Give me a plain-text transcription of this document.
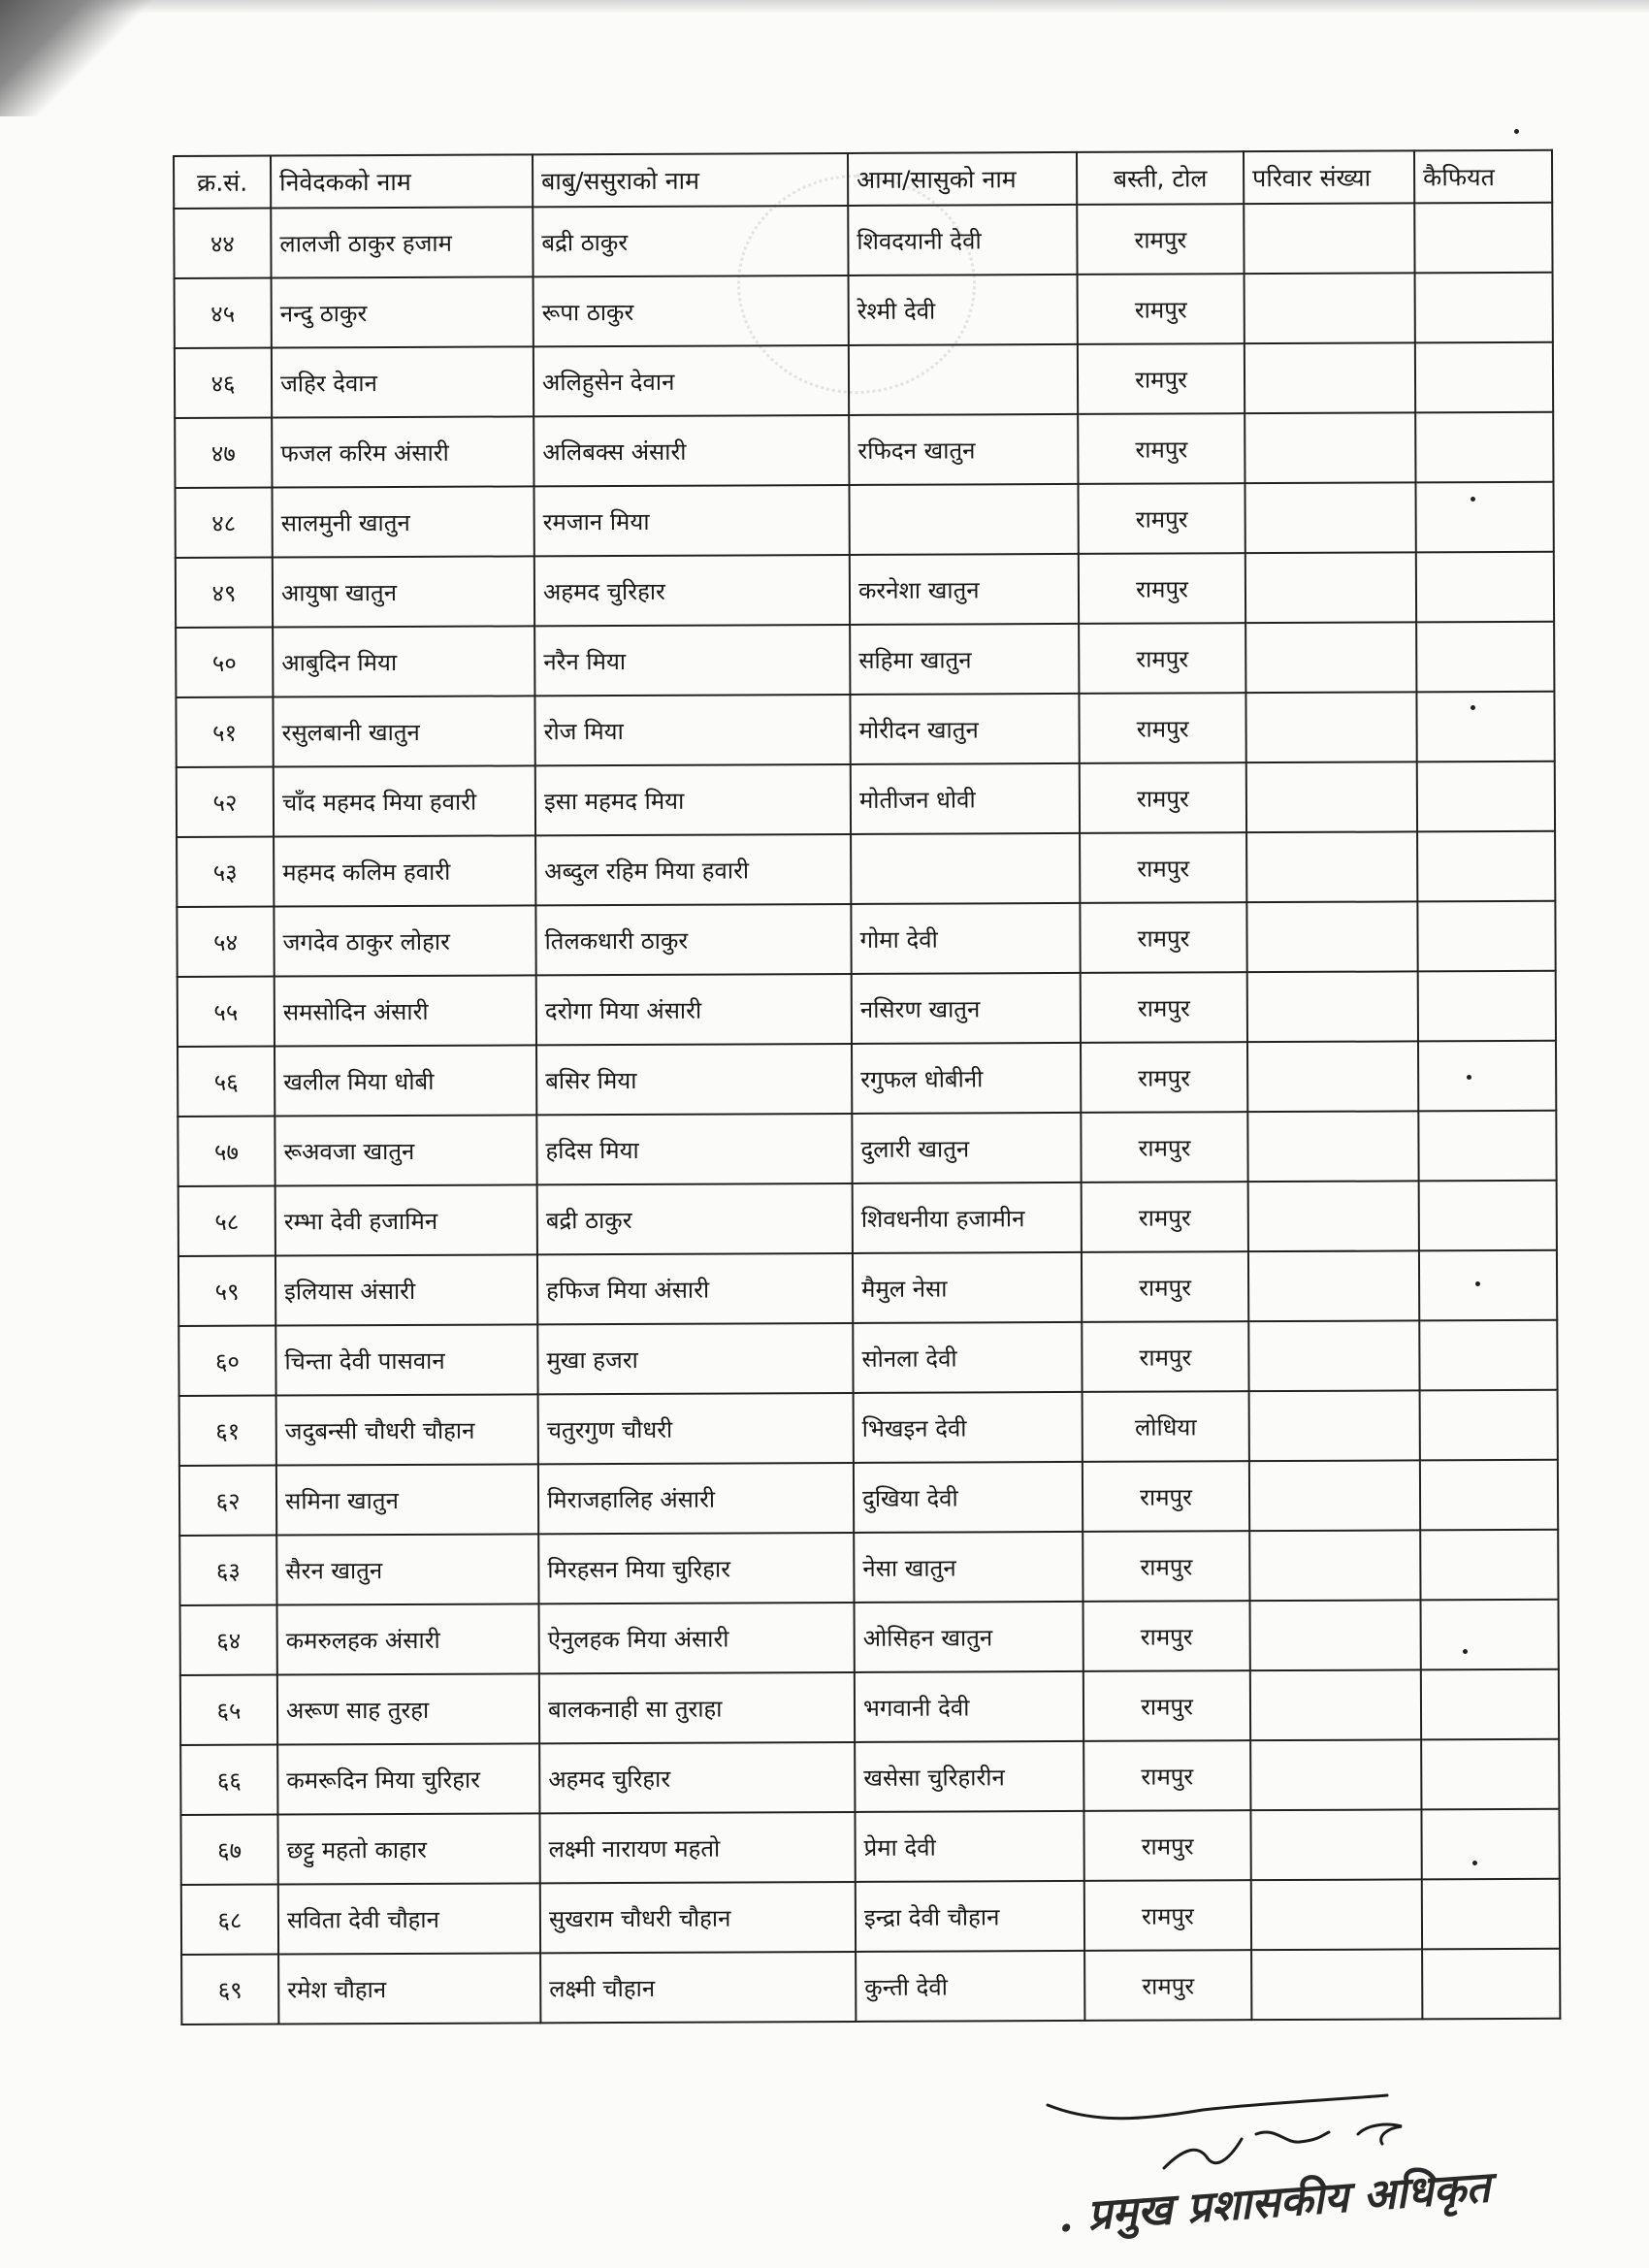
क्र.सं.	निवेदकको नाम	बाबु/ससुराको नाम	आमा/सासुको नाम	बस्ती, टोल	परिवार संख्या	कैफियत
४४	लालजी ठाकुर हजाम	बद्री ठाकुर	शिवदयानी देवी	रामपुर		
४५	नन्दु ठाकुर	रूपा ठाकुर	रेश्मी देवी	रामपुर		
४६	जहिर देवान	अलिहुसेन देवान		रामपुर		
४७	फजल करिम अंसारी	अलिबक्स अंसारी	रफिदन खातुन	रामपुर		
४८	सालमुनी खातुन	रमजान मिया		रामपुर		
४९	आयुषा खातुन	अहमद चुरिहार	करनेशा खातुन	रामपुर		
५०	आबुदिन मिया	नरैन मिया	सहिमा खातुन	रामपुर		
५१	रसुलबानी खातुन	रोज मिया	मोरीदन खातुन	रामपुर		
५२	चाँद महमद मिया हवारी	इसा महमद मिया	मोतीजन धोवी	रामपुर		
५३	महमद कलिम हवारी	अब्दुल रहिम मिया हवारी		रामपुर		
५४	जगदेव ठाकुर लोहार	तिलकधारी ठाकुर	गोमा देवी	रामपुर		
५५	समसोदिन अंसारी	दरोगा मिया अंसारी	नसिरण खातुन	रामपुर		
५६	खलील मिया धोबी	बसिर मिया	रगुफल धोबीनी	रामपुर		
५७	रूअवजा खातुन	हदिस मिया	दुलारी खातुन	रामपुर		
५८	रम्भा देवी हजामिन	बद्री ठाकुर	शिवधनीया हजामीन	रामपुर		
५९	इलियास अंसारी	हफिज मिया अंसारी	मैमुल नेसा	रामपुर		
६०	चिन्ता देवी पासवान	मुखा हजरा	सोनला देवी	रामपुर		
६१	जदुबन्सी चौधरी चौहान	चतुरगुण चौधरी	भिखइन देवी	लोधिया		
६२	समिना खातुन	मिराजहालिह अंसारी	दुखिया देवी	रामपुर		
६३	सैरन खातुन	मिरहसन मिया चुरिहार	नेसा खातुन	रामपुर		
६४	कमरुलहक अंसारी	ऐनुलहक मिया अंसारी	ओसिहन खातुन	रामपुर		
६५	अरूण साह तुरहा	बालकनाही सा तुराहा	भगवानी देवी	रामपुर		
६६	कमरूदिन मिया चुरिहार	अहमद चुरिहार	खसेसा चुरिहारीन	रामपुर		
६७	छट्टु महतो काहार	लक्ष्मी नारायण महतो	प्रेमा देवी	रामपुर		
६८	सविता देवी चौहान	सुखराम चौधरी चौहान	इन्द्रा देवी चौहान	रामपुर		
६९	रमेश चौहान	लक्ष्मी चौहान	कुन्ती देवी	रामपुर		
. प्रमुख प्रशासकीय अधिकृत
